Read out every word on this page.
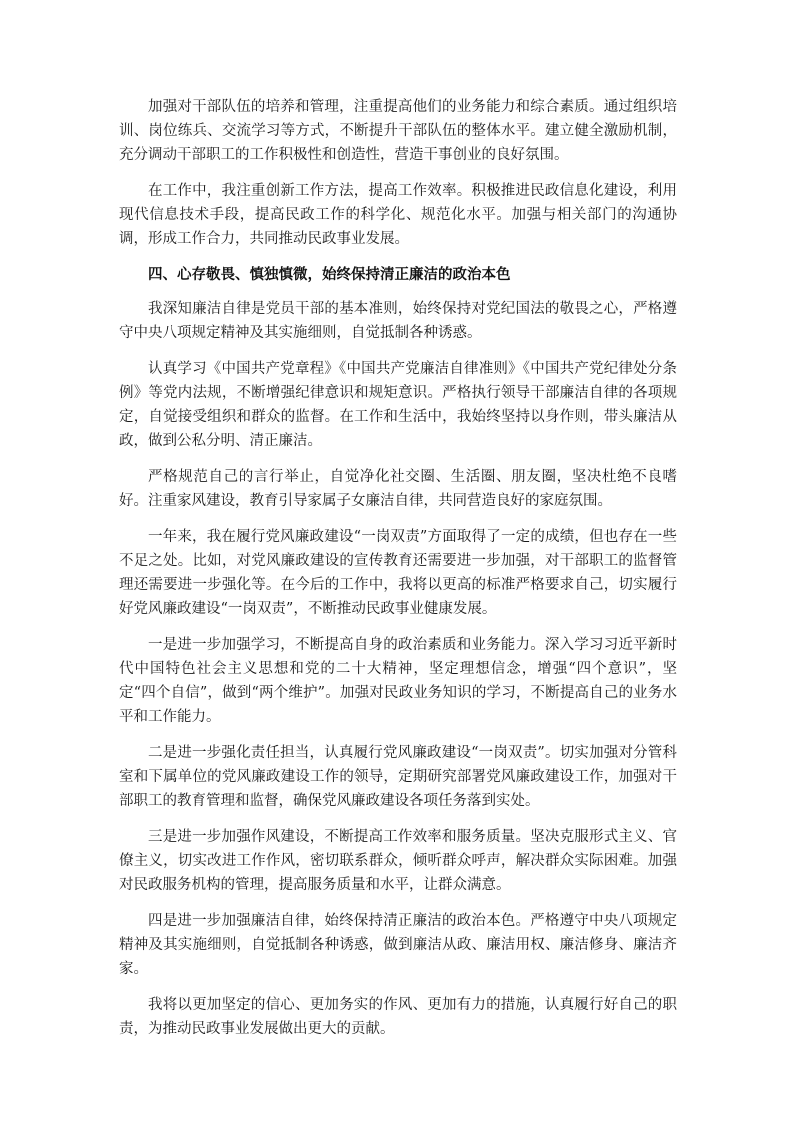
加强对干部队伍的培养和管理，注重提高他们的业务能力和综合素质。通过组织培训、岗位练兵、交流学习等方式，不断提升干部队伍的整体水平。建立健全激励机制，充分调动干部职工的工作积极性和创造性，营造干事创业的良好氛围。

在工作中，我注重创新工作方法，提高工作效率。积极推进民政信息化建设，利用现代信息技术手段，提高民政工作的科学化、规范化水平。加强与相关部门的沟通协调，形成工作合力，共同推动民政事业发展。

四、心存敬畏、慎独慎微，始终保持清正廉洁的政治本色

我深知廉洁自律是党员干部的基本准则，始终保持对党纪国法的敬畏之心，严格遵守中央八项规定精神及其实施细则，自觉抵制各种诱惑。

认真学习《中国共产党章程》《中国共产党廉洁自律准则》《中国共产党纪律处分条例》等党内法规，不断增强纪律意识和规矩意识。严格执行领导干部廉洁自律的各项规定，自觉接受组织和群众的监督。在工作和生活中，我始终坚持以身作则，带头廉洁从政，做到公私分明、清正廉洁。

严格规范自己的言行举止，自觉净化社交圈、生活圈、朋友圈，坚决杜绝不良嗜好。注重家风建设，教育引导家属子女廉洁自律，共同营造良好的家庭氛围。

一年来，我在履行党风廉政建设“一岗双责”方面取得了一定的成绩，但也存在一些不足之处。比如，对党风廉政建设的宣传教育还需要进一步加强，对干部职工的监督管理还需要进一步强化等。在今后的工作中，我将以更高的标准严格要求自己，切实履行好党风廉政建设“一岗双责”，不断推动民政事业健康发展。

一是进一步加强学习，不断提高自身的政治素质和业务能力。深入学习习近平新时代中国特色社会主义思想和党的二十大精神，坚定理想信念，增强“四个意识”，坚定“四个自信”，做到“两个维护”。加强对民政业务知识的学习，不断提高自己的业务水平和工作能力。

二是进一步强化责任担当，认真履行党风廉政建设“一岗双责”。切实加强对分管科室和下属单位的党风廉政建设工作的领导，定期研究部署党风廉政建设工作，加强对干部职工的教育管理和监督，确保党风廉政建设各项任务落到实处。

三是进一步加强作风建设，不断提高工作效率和服务质量。坚决克服形式主义、官僚主义，切实改进工作作风，密切联系群众，倾听群众呼声，解决群众实际困难。加强对民政服务机构的管理，提高服务质量和水平，让群众满意。

四是进一步加强廉洁自律，始终保持清正廉洁的政治本色。严格遵守中央八项规定精神及其实施细则，自觉抵制各种诱惑，做到廉洁从政、廉洁用权、廉洁修身、廉洁齐家。

我将以更加坚定的信心、更加务实的作风、更加有力的措施，认真履行好自己的职责，为推动民政事业发展做出更大的贡献。
